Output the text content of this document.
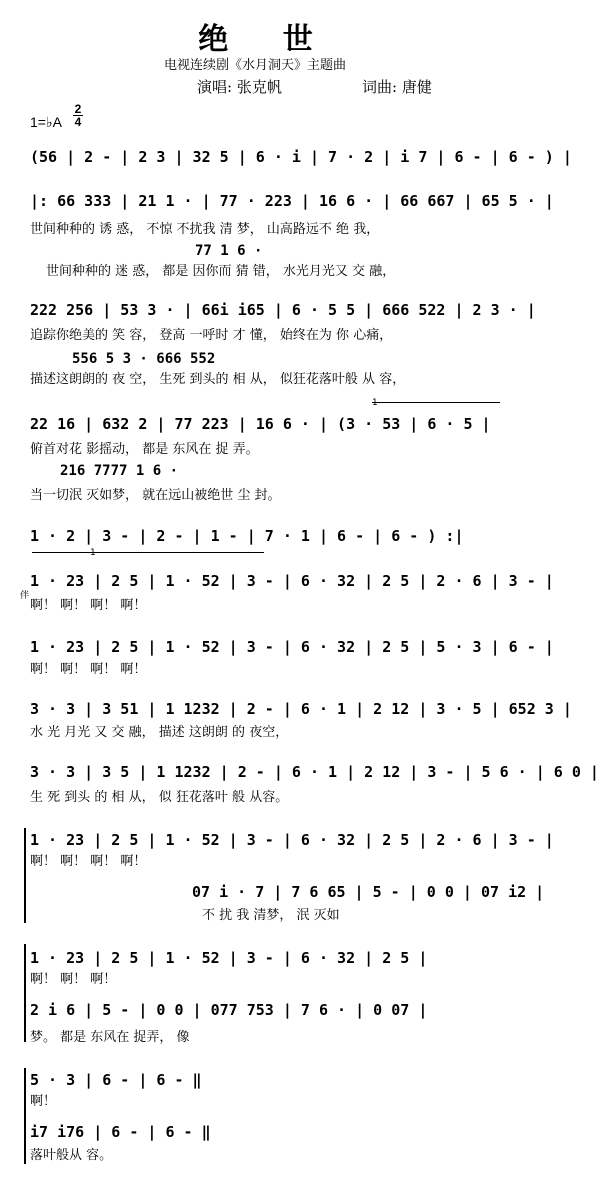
绝 世
电视连续剧《水月洞天》主题曲
演唱: 张克帆	词曲: 唐健
1=♭A
2
4
(56 | 2 - | 2 3 | 32 5 | 6 · i | 7 · 2 | i 7 | 6 - | 6 - ) |
|: 66 333 | 21 1 · | 77 · 223 | 16 6 · | 66 667 | 65 5 · |
世间种种的 诱 惑， 不惊 不扰我 清 梦， 山高路远不 绝 我，
77 1 6 ·
世间种种的 迷 惑， 都是 因你而 猜 错， 水光月光又 交 融，
222 256 | 53 3 · | 66i i65 | 6 · 5 5 | 666 522 | 2 3 · |
追踪你绝美的 笑 容， 登高 一呼时 才 懂， 始终在为 你 心痛，
556 5 3 · 666 552
描述这朗朗的 夜 空， 生死 到头的 相 从， 似狂花落叶般 从 容，
22 16 | 632 2 | 77 223 | 16 6 · | (3 · 53 | 6 · 5 |
1
俯首对花 影摇动， 都是 东风在 捉 弄。
216 7777 1 6 ·
当一切泯 灭如梦， 就在远山被绝世 尘 封。
1 · 2 | 3 - | 2 - | 1 - | 7 · 1 | 6 - | 6 - ) :|
1
1 · 23 | 2 5 | 1 · 52 | 3 - | 6 · 32 | 2 5 | 2 · 6 | 3 - |
伴
啊！ 啊！ 啊！ 啊！
1 · 23 | 2 5 | 1 · 52 | 3 - | 6 · 32 | 2 5 | 5 · 3 | 6 - |
啊！ 啊！ 啊！ 啊！
3 · 3 | 3 51 | 1 1232 | 2 - | 6 · 1 | 2 12 | 3 · 5 | 652 3 |
水 光 月光 又 交 融， 描述 这朗朗 的 夜空，
3 · 3 | 3 5 | 1 1232 | 2 - | 6 · 1 | 2 12 | 3 - | 5 6 · | 6 0 |
生 死 到头 的 相 从， 似 狂花落叶 般 从容。
1 · 23 | 2 5 | 1 · 52 | 3 - | 6 · 32 | 2 5 | 2 · 6 | 3 - |
啊！ 啊！ 啊！ 啊！
07 i · 7 | 7 6 65 | 5 - | 0 0 | 07 i2 |
不 扰 我 清梦， 泯 灭如
1 · 23 | 2 5 | 1 · 52 | 3 - | 6 · 32 | 2 5 |
啊！ 啊！ 啊！
2 i 6 | 5 - | 0 0 | 077 753 | 7 6 · | 0 07 |
梦。 都是 东风在 捉弄， 像
5 · 3 | 6 - | 6 - ‖
啊！
i7 i76 | 6 - | 6 - ‖
落叶般从 容。
